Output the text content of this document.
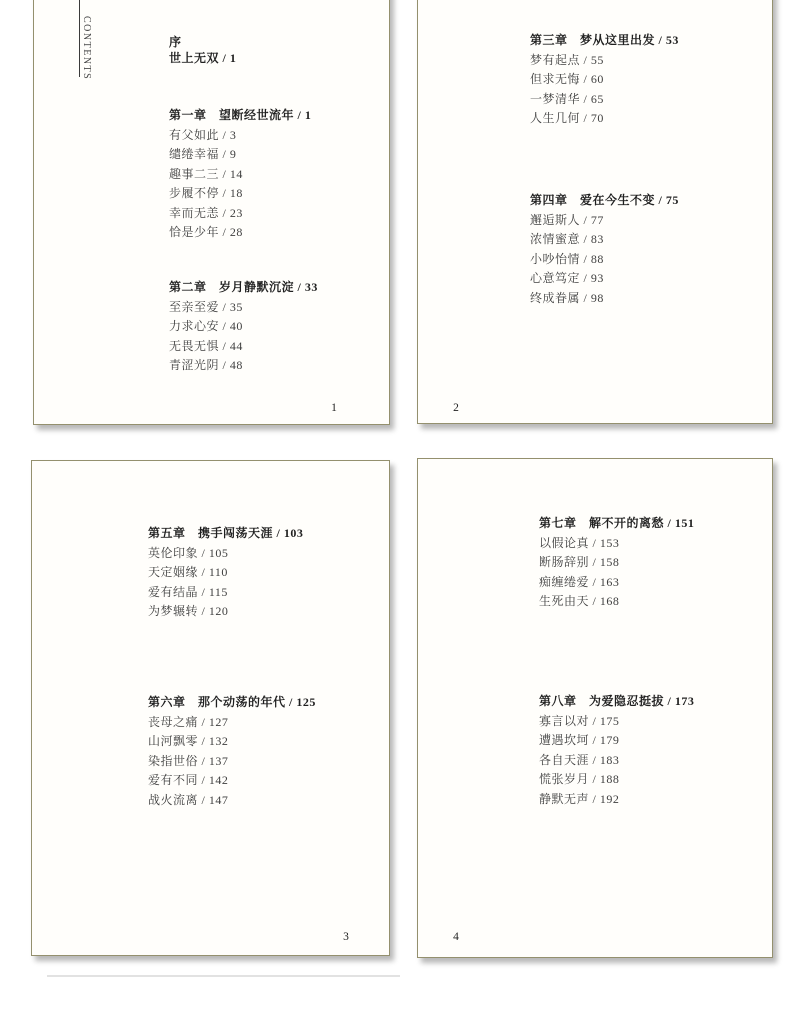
CONTENTS	序
世上无双 / 1
第一章　望断经世流年 / 1
有父如此 / 3
缱绻幸福 / 9
趣事二三 / 14
步履不停 / 18
幸而无恙 / 23
恰是少年 / 28
第二章　岁月静默沉淀 / 33
至亲至爱 / 35
力求心安 / 40
无畏无惧 / 44
青涩光阴 / 48
1
第三章　梦从这里出发 / 53
梦有起点 / 55
但求无悔 / 60
一梦清华 / 65
人生几何 / 70
第四章　爱在今生不变 / 75
邂逅斯人 / 77
浓情蜜意 / 83
小吵怡情 / 88
心意笃定 / 93
终成眷属 / 98
2
第五章　携手闯荡天涯 / 103
英伦印象 / 105
天定姻缘 / 110
爱有结晶 / 115
为梦辗转 / 120
第六章　那个动荡的年代 / 125
丧母之痛 / 127
山河飘零 / 132
染指世俗 / 137
爱有不同 / 142
战火流离 / 147
3
第七章　解不开的离愁 / 151
以假论真 / 153
断肠辞别 / 158
痴缠绻爱 / 163
生死由天 / 168
第八章　为爱隐忍挺拔 / 173
寡言以对 / 175
遭遇坎坷 / 179
各自天涯 / 183
慌张岁月 / 188
静默无声 / 192
4
